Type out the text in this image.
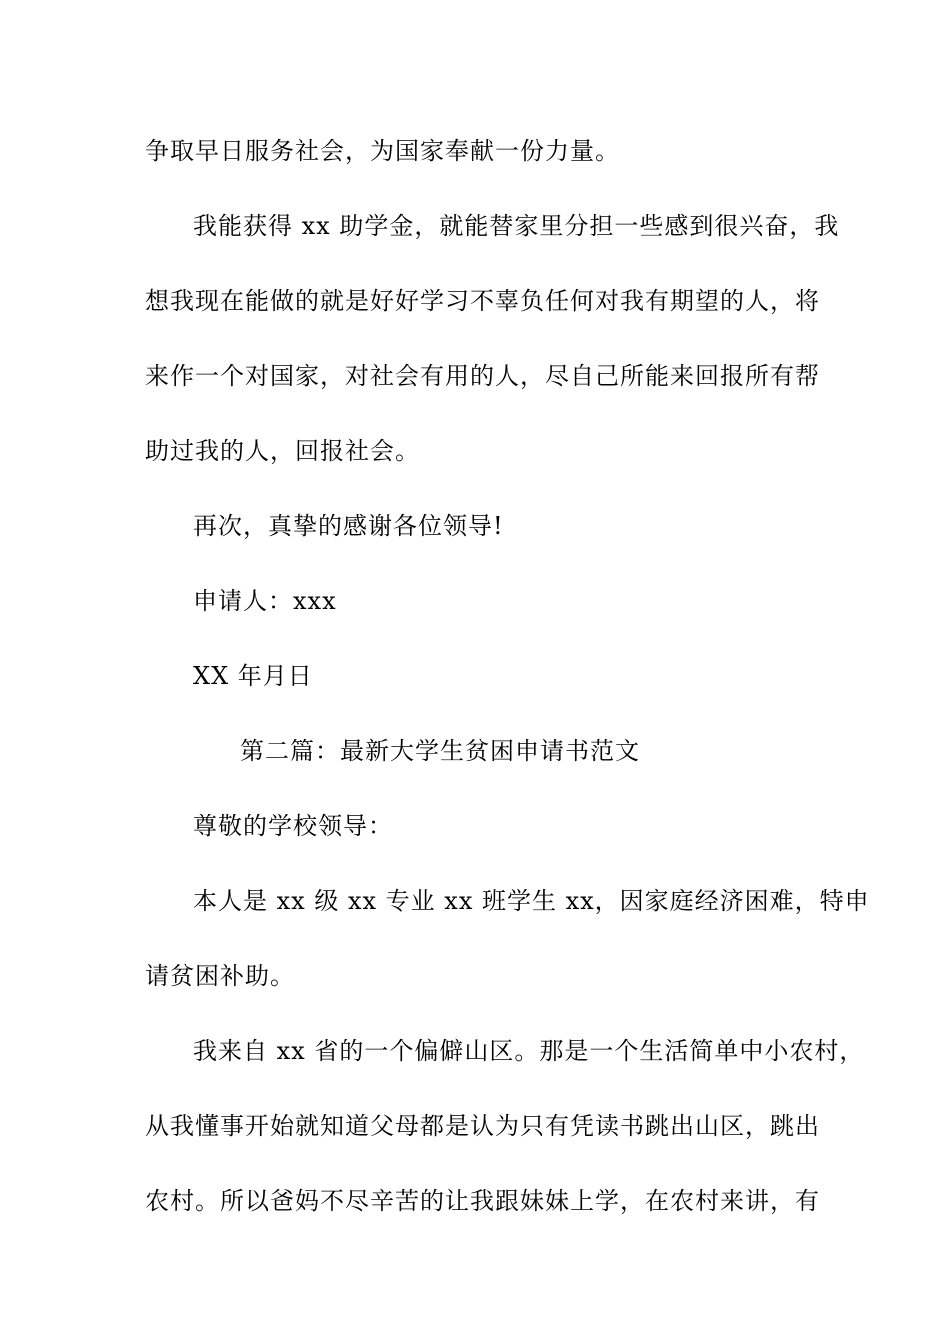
争取早日服务社会，为国家奉献一份力量。
我能获得 xx 助学金，就能替家里分担一些感到很兴奋，我
想我现在能做的就是好好学习不辜负任何对我有期望的人，将
来作一个对国家，对社会有用的人，尽自己所能来回报所有帮
助过我的人，回报社会。
再次，真挚的感谢各位领导!
申请人：xxx
XX 年月日
第二篇：最新大学生贫困申请书范文
尊敬的学校领导：
本人是 xx 级 xx 专业 xx 班学生 xx，因家庭经济困难，特申
请贫困补助。
我来自 xx 省的一个偏僻山区。那是一个生活简单中小农村，
从我懂事开始就知道父母都是认为只有凭读书跳出山区，跳出
农村。所以爸妈不尽辛苦的让我跟妹妹上学，在农村来讲，有
